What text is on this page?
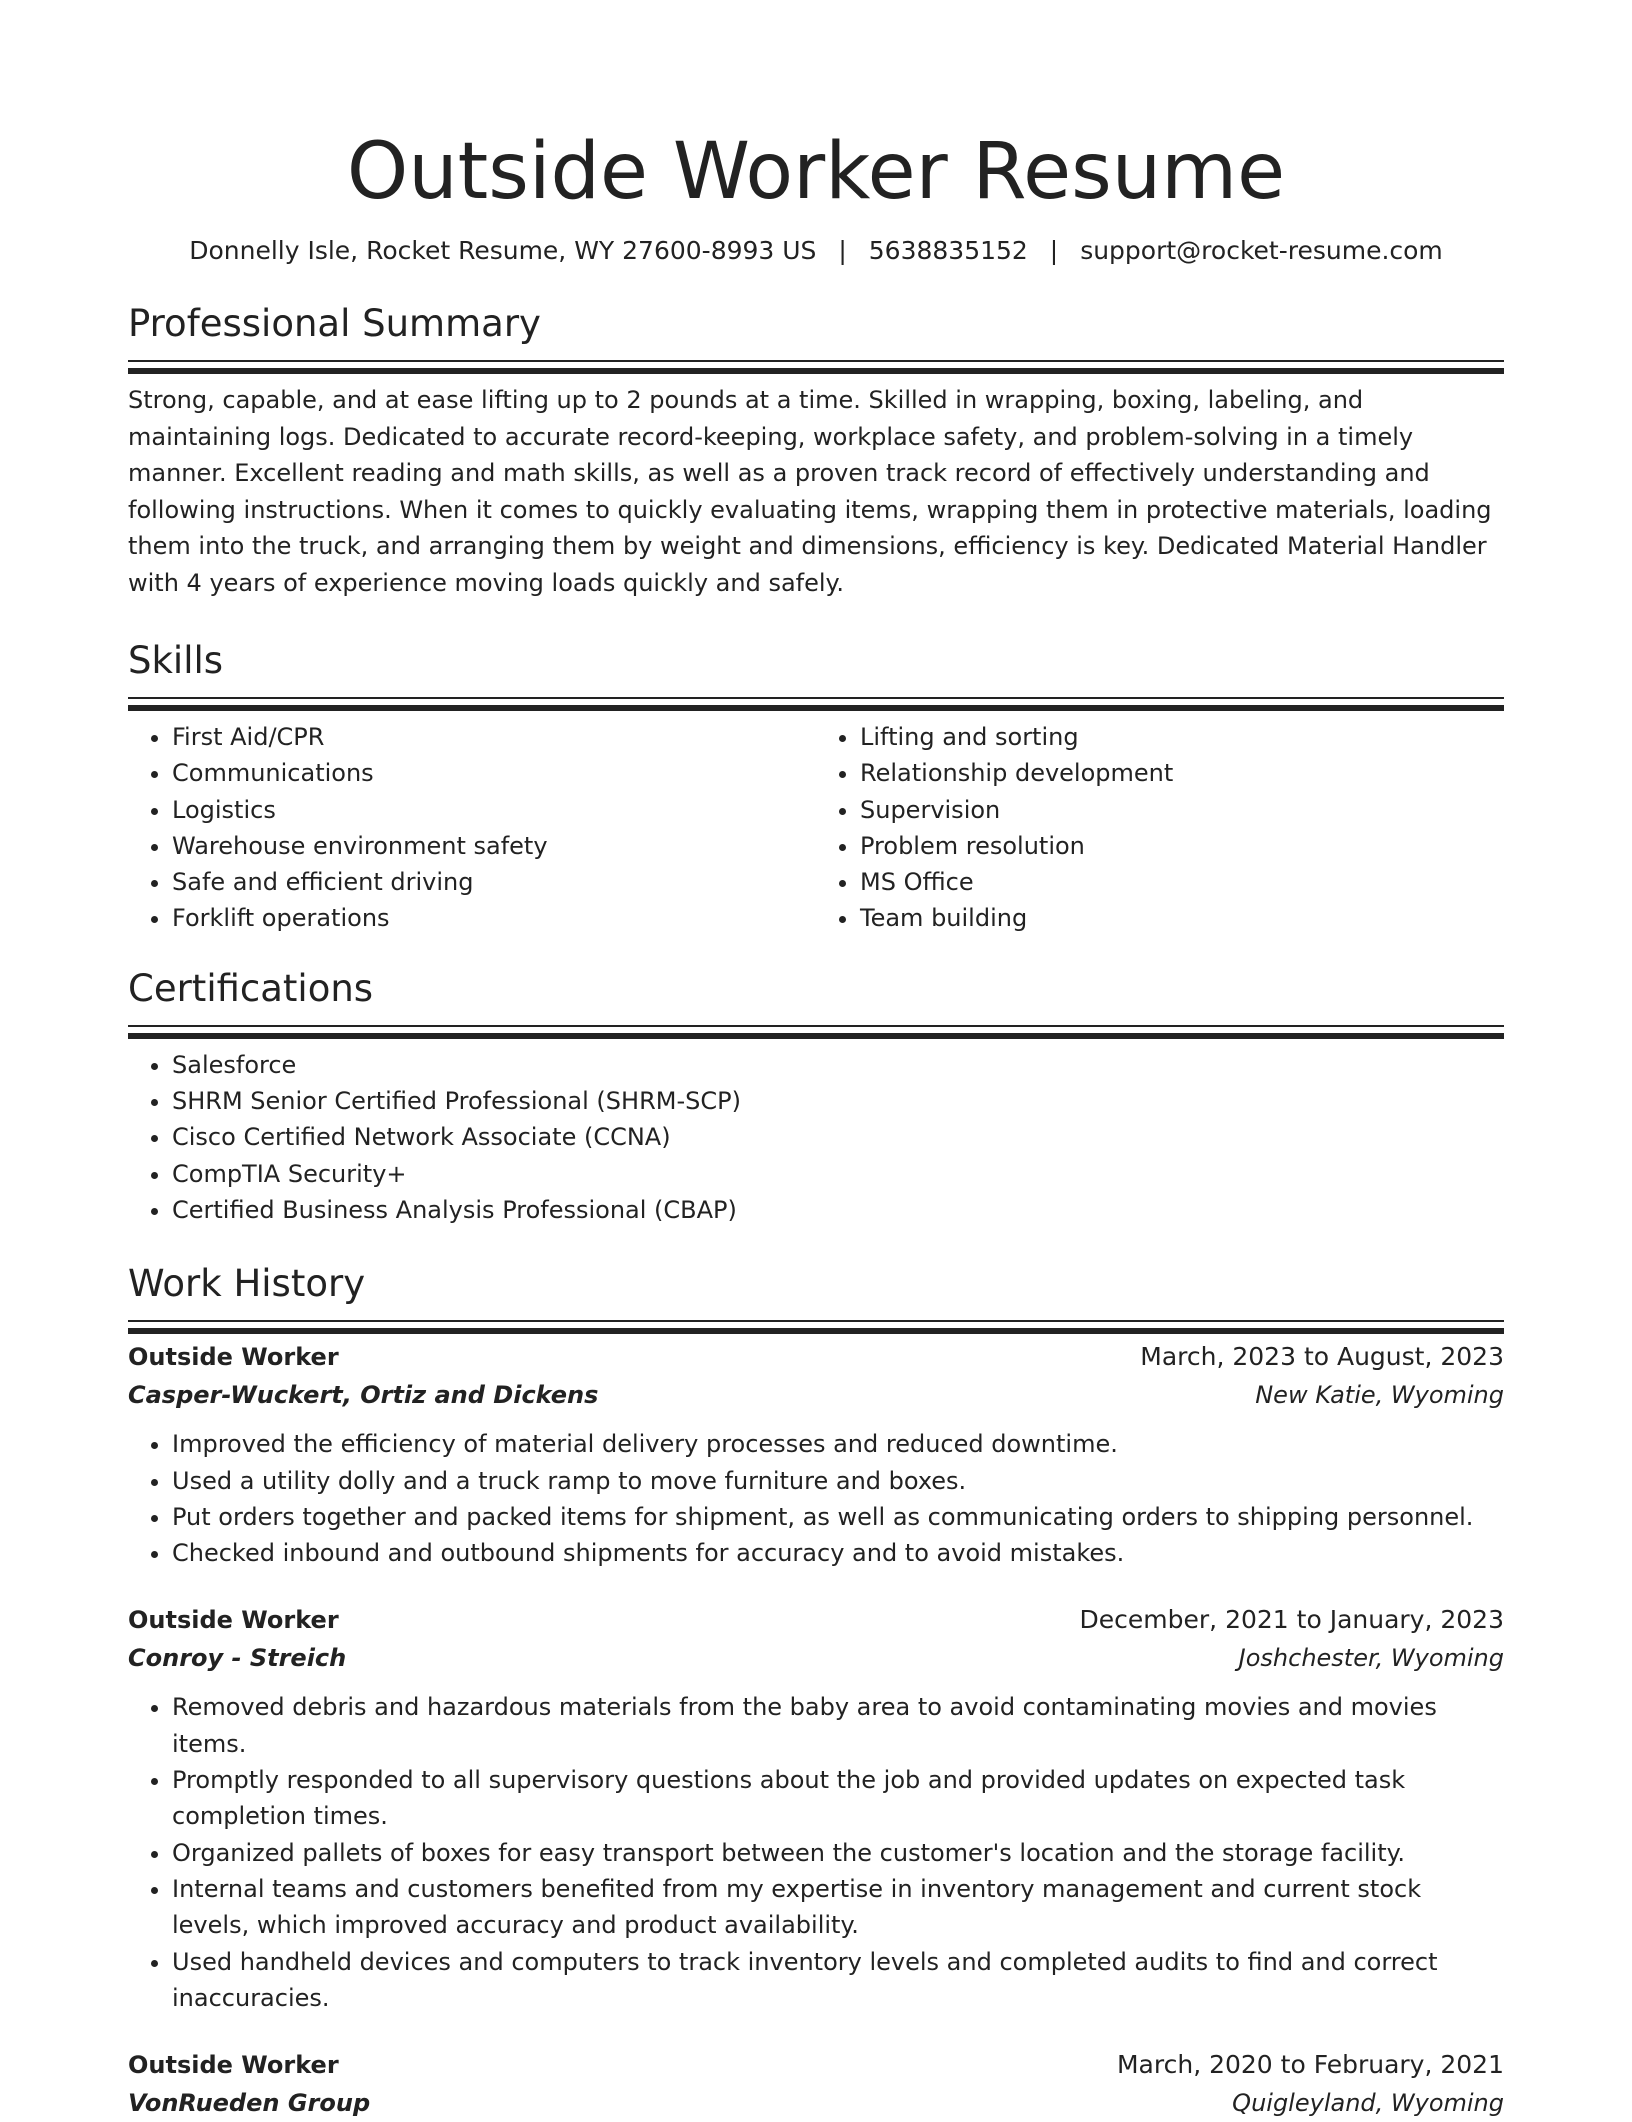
Outside Worker Resume
Donnelly Isle, Rocket Resume, WY 27600-8993 US | 5638835152 | support@rocket-resume.com
Professional Summary

Strong, capable, and at ease lifting up to 2 pounds at a time. Skilled in wrapping, boxing, labeling, and maintaining logs. Dedicated to accurate record-keeping, workplace safety, and problem-solving in a timely manner. Excellent reading and math skills, as well as a proven track record of effectively understanding and following instructions. When it comes to quickly evaluating items, wrapping them in protective materials, loading them into the truck, and arranging them by weight and dimensions, efficiency is key. Dedicated Material Handler with 4 years of experience moving loads quickly and safely.

Skills
• First Aid/CPR
• Communications
• Logistics
• Warehouse environment safety
• Safe and efficient driving
• Forklift operations
• Lifting and sorting
• Relationship development
• Supervision
• Problem resolution
• MS Office
• Team building
Certifications
• Salesforce
• SHRM Senior Certified Professional (SHRM-SCP)
• Cisco Certified Network Associate (CCNA)
• CompTIA Security+
• Certified Business Analysis Professional (CBAP)
Work History
Outside Worker	March, 2023 to August, 2023
Casper-Wuckert, Ortiz and Dickens	New Katie, Wyoming
• Improved the efficiency of material delivery processes and reduced downtime.
• Used a utility dolly and a truck ramp to move furniture and boxes.
• Put orders together and packed items for shipment, as well as communicating orders to shipping personnel.
• Checked inbound and outbound shipments for accuracy and to avoid mistakes.
Outside Worker	December, 2021 to January, 2023
Conroy - Streich	Joshchester, Wyoming
• Removed debris and hazardous materials from the baby area to avoid contaminating movies and movies items.
• Promptly responded to all supervisory questions about the job and provided updates on expected task completion times.
• Organized pallets of boxes for easy transport between the customer's location and the storage facility.
• Internal teams and customers benefited from my expertise in inventory management and current stock levels, which improved accuracy and product availability.
• Used handheld devices and computers to track inventory levels and completed audits to find and correct inaccuracies.
Outside Worker	March, 2020 to February, 2021
VonRueden Group	Quigleyland, Wyoming
